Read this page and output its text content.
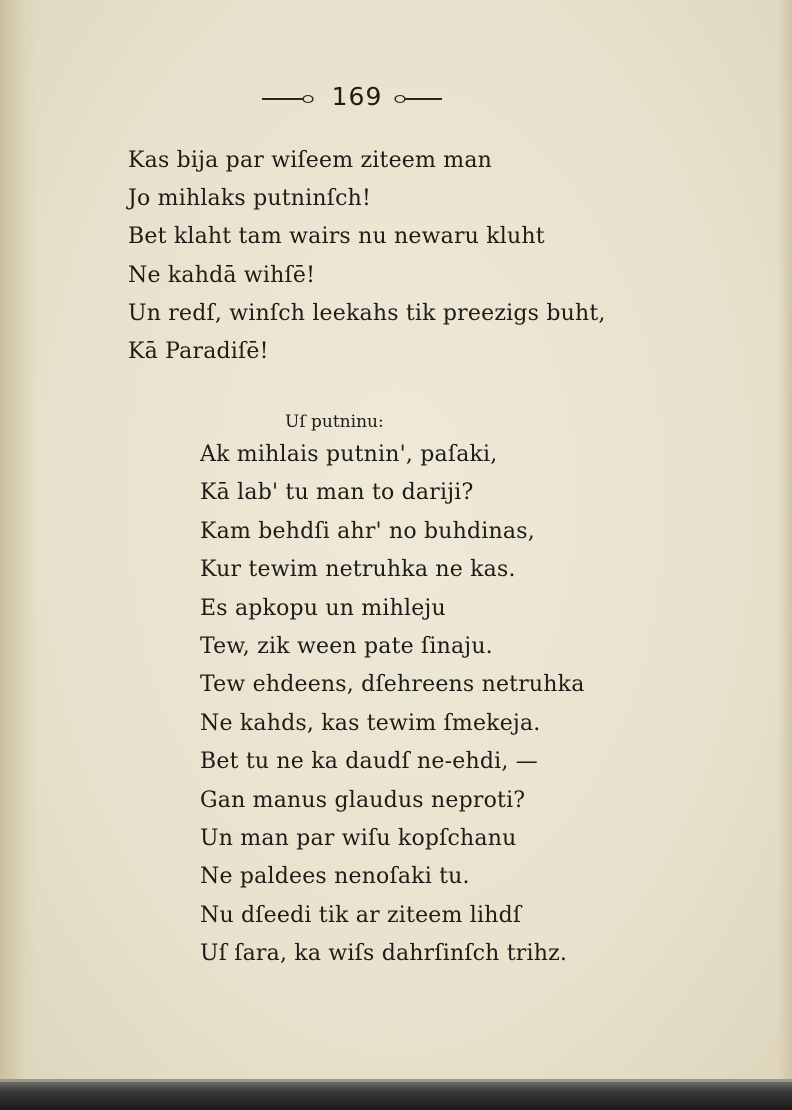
169
Kas bija par wiſeem ziteem man
Jo mihlaks putninſch!
Bet klaht tam wairs nu newaru kluht
Ne kahdā wihſē!
Un redſ, winſch leekahs tik preezigs buht,
Kā Paradiſē!
Uſ putninu:
Ak mihlais putnin', paſaki,
Kā lab' tu man to dariji?
Kam behdſi ahr' no buhdinas,
Kur tewim netruhka ne kas.
Es apkopu un mihleju
Tew, zik ween pate ſinaju.
Tew ehdeens, dſehreens netruhka
Ne kahds, kas tewim ſmekeja.
Bet tu ne ka daudſ ne-ehdi, —
Gan manus glaudus neproti?
Un man par wiſu kopſchanu
Ne paldees nenoſaki tu.
Nu dſeedi tik ar ziteem lihdſ
Uſ ſara, ka wiſs dahrſinſch trihz.
